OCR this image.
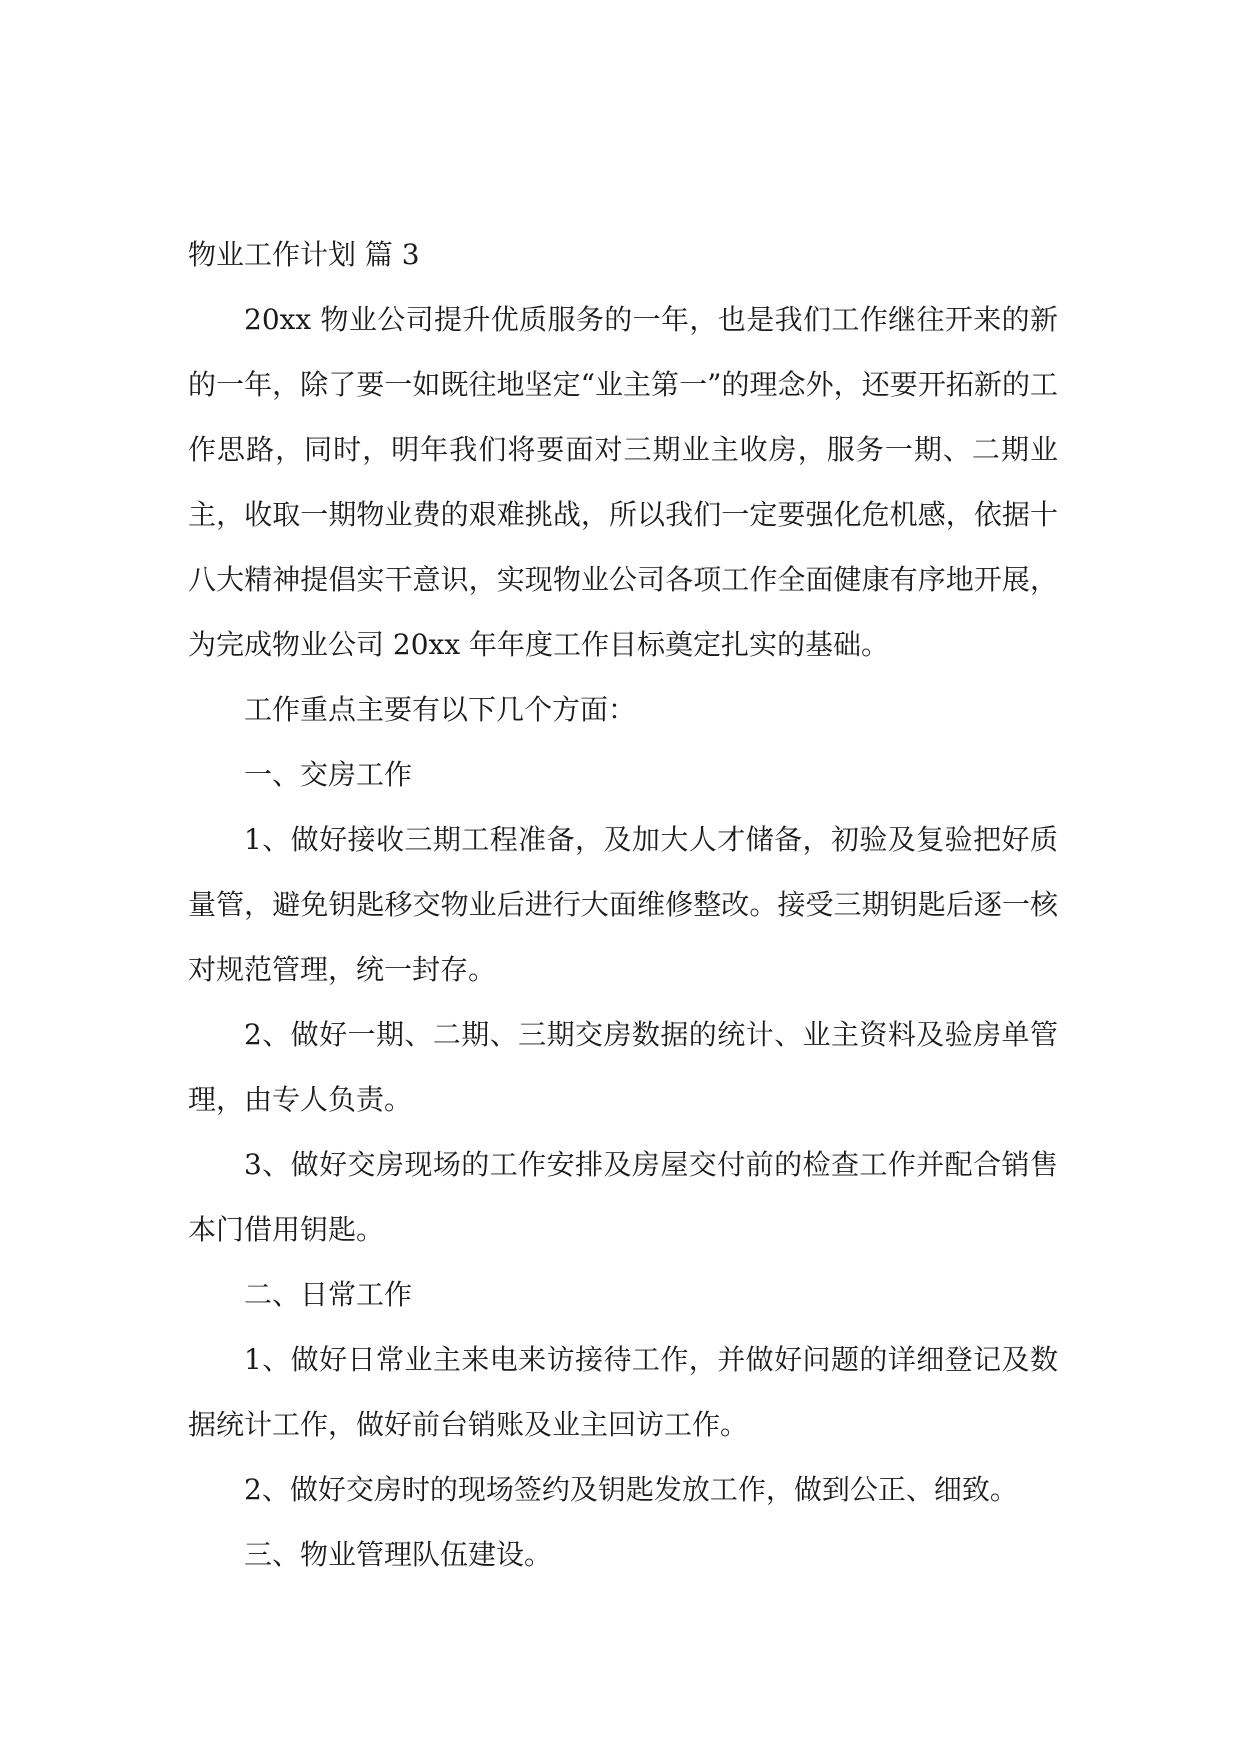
物业工作计划 篇 3

20xx 物业公司提升优质服务的一年，也是我们工作继往开来的新的一年，除了要一如既往地坚定“业主第一”的理念外，还要开拓新的工作思路，同时，明年我们将要面对三期业主收房，服务一期、二期业主，收取一期物业费的艰难挑战，所以我们一定要强化危机感，依据十八大精神提倡实干意识，实现物业公司各项工作全面健康有序地开展，为完成物业公司 20xx 年年度工作目标奠定扎实的基础。

工作重点主要有以下几个方面：

一、交房工作

1、做好接收三期工程准备，及加大人才储备，初验及复验把好质量管，避免钥匙移交物业后进行大面维修整改。接受三期钥匙后逐一核对规范管理，统一封存。

2、做好一期、二期、三期交房数据的统计、业主资料及验房单管理，由专人负责。

3、做好交房现场的工作安排及房屋交付前的检查工作并配合销售本门借用钥匙。

二、日常工作

1、做好日常业主来电来访接待工作，并做好问题的详细登记及数据统计工作，做好前台销账及业主回访工作。

2、做好交房时的现场签约及钥匙发放工作，做到公正、细致。

三、物业管理队伍建设。
